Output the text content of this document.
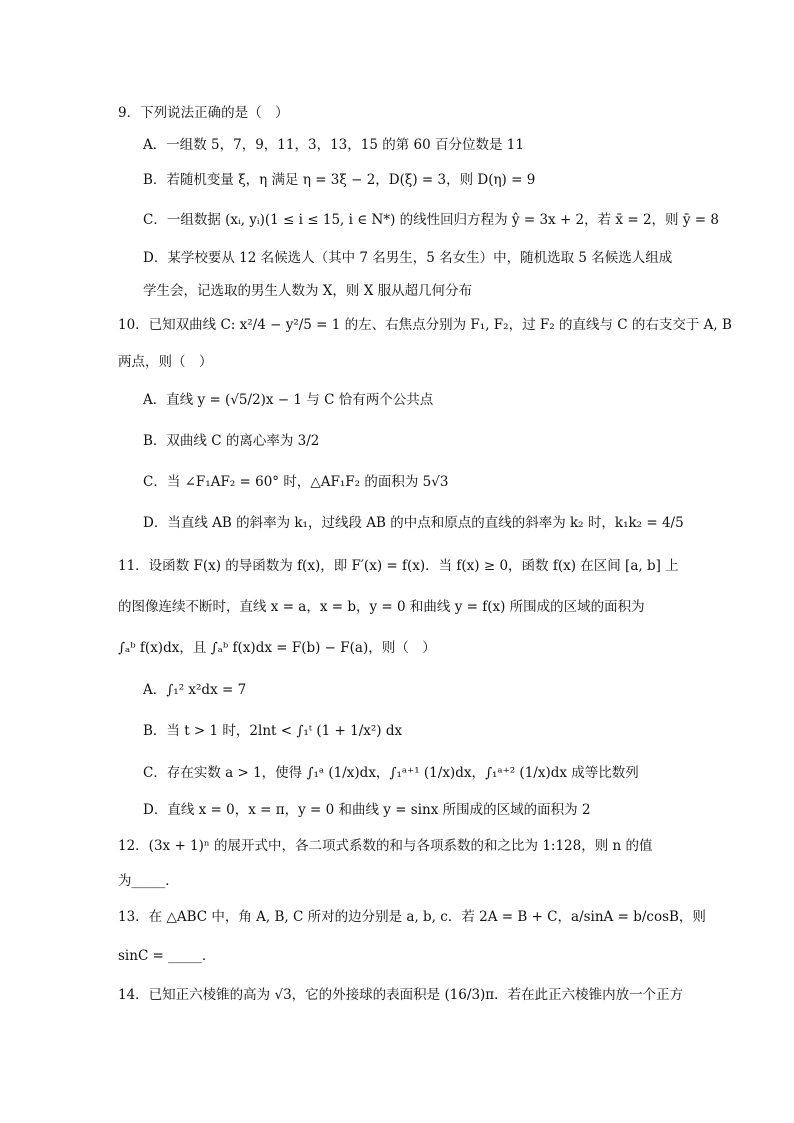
9．下列说法正确的是（　）
A．一组数 5，7，9，11，3，13，15 的第 60 百分位数是 11
B．若随机变量 ξ，η 满足 η = 3ξ − 2，D(ξ) = 3，则 D(η) = 9
C．一组数据 (xᵢ, yᵢ)(1 ≤ i ≤ 15, i ∈ N*) 的线性回归方程为 ŷ = 3x + 2，若 x̄ = 2，则 ȳ = 8
D．某学校要从 12 名候选人（其中 7 名男生，5 名女生）中，随机选取 5 名候选人组成
学生会，记选取的男生人数为 X，则 X 服从超几何分布
10．已知双曲线 C: x²/4 − y²/5 = 1 的左、右焦点分别为 F₁, F₂，过 F₂ 的直线与 C 的右支交于 A, B
两点，则（　）
A．直线 y = (√5/2)x − 1 与 C 恰有两个公共点
B．双曲线 C 的离心率为 3/2
C．当 ∠F₁AF₂ = 60° 时，△AF₁F₂ 的面积为 5√3
D．当直线 AB 的斜率为 k₁，过线段 AB 的中点和原点的直线的斜率为 k₂ 时，k₁k₂ = 4/5
11．设函数 F(x) 的导函数为 f(x)，即 F′(x) = f(x)．当 f(x) ≥ 0，函数 f(x) 在区间 [a, b] 上
的图像连续不断时，直线 x = a，x = b，y = 0 和曲线 y = f(x) 所围成的区域的面积为
∫ₐᵇ f(x)dx，且 ∫ₐᵇ f(x)dx = F(b) − F(a)，则（　）
A．∫₁² x²dx = 7
B．当 t > 1 时，2lnt < ∫₁ᵗ (1 + 1/x²) dx
C．存在实数 a > 1，使得 ∫₁ᵃ (1/x)dx，∫₁ᵃ⁺¹ (1/x)dx，∫₁ᵃ⁺² (1/x)dx 成等比数列
D．直线 x = 0，x = π，y = 0 和曲线 y = sinx 所围成的区域的面积为 2
12．(3x + 1)ⁿ 的展开式中，各二项式系数的和与各项系数的和之比为 1:128，则 n 的值
为_____．
13．在 △ABC 中，角 A, B, C 所对的边分别是 a, b, c．若 2A = B + C，a/sinA = b/cosB，则
sinC = _____．
14．已知正六棱锥的高为 √3，它的外接球的表面积是 (16/3)π．若在此正六棱锥内放一个正方
